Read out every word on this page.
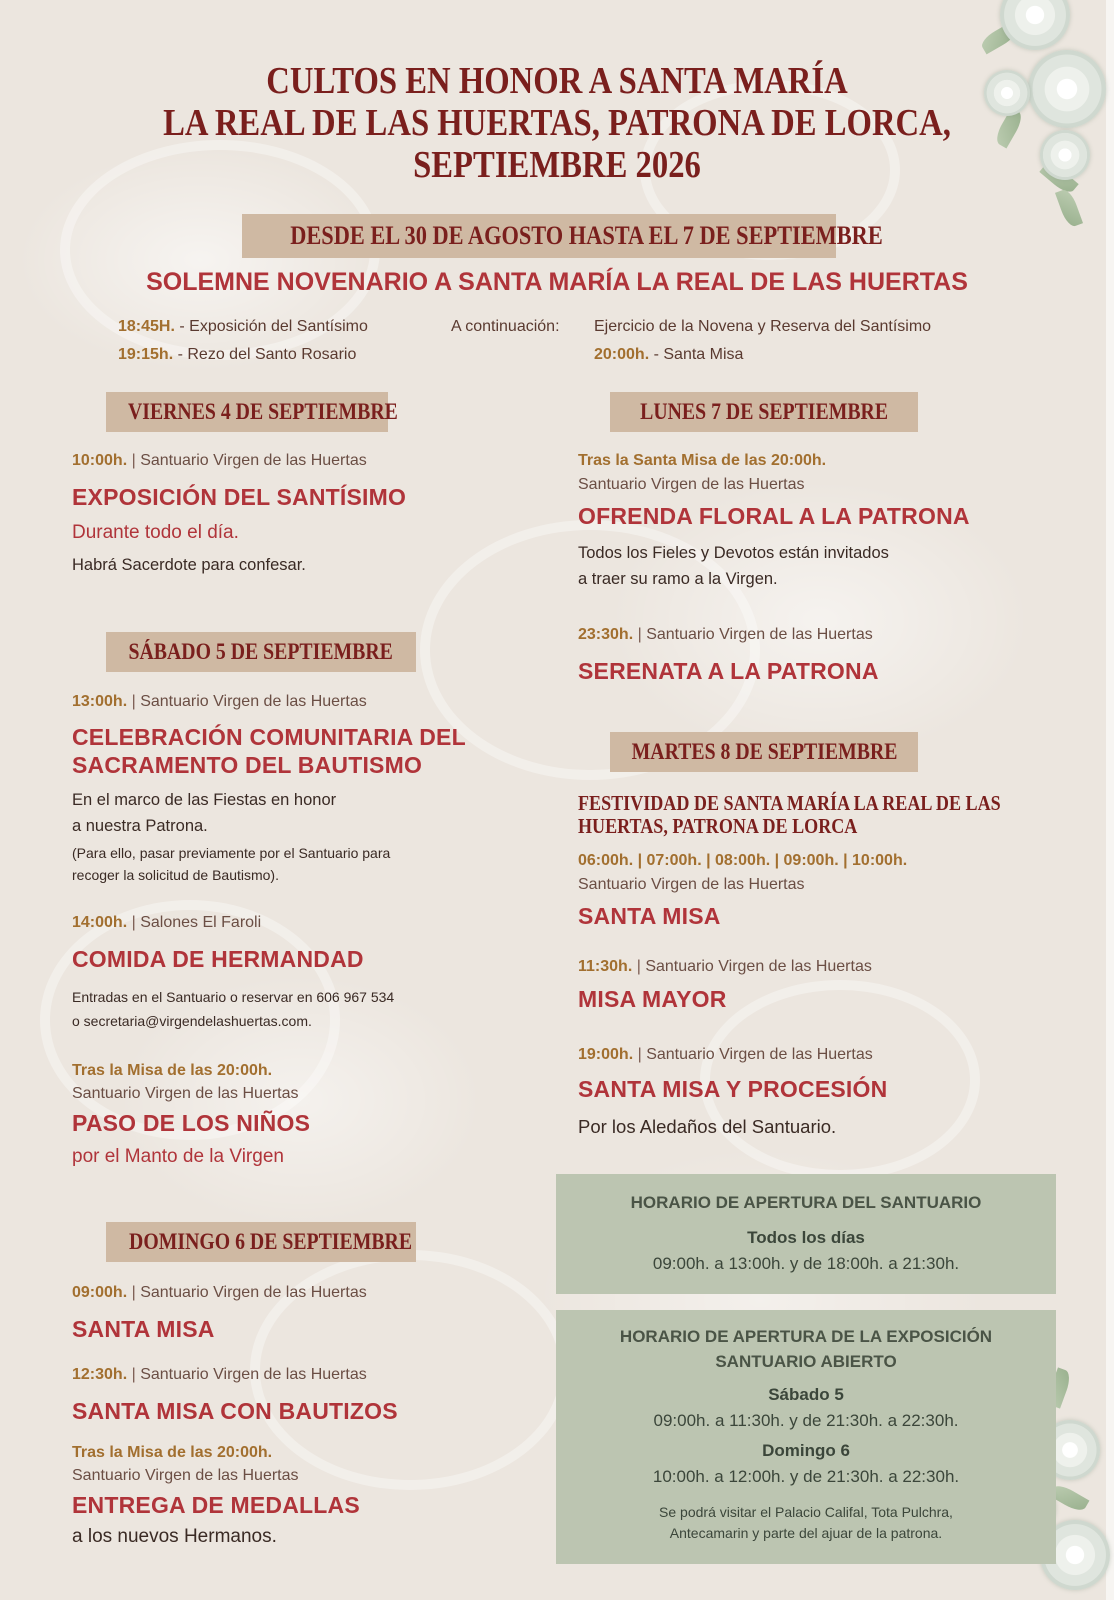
CULTOS EN HONOR A SANTA MARÍA
LA REAL DE LAS HUERTAS, PATRONA DE LORCA,
SEPTIEMBRE 2026
DESDE EL 30 DE AGOSTO HASTA EL 7 DE SEPTIEMBRE
SOLEMNE NOVENARIO A SANTA MARÍA LA REAL DE LAS HUERTAS
18:45H. - Exposición del Santísimo
19:15h. - Rezo del Santo Rosario
A continuación: Ejercicio de la Novena y Reserva del Santísimo
20:00h. - Santa Misa
VIERNES 4 DE SEPTIEMBRE
10:00h. | Santuario Virgen de las Huertas
EXPOSICIÓN DEL SANTÍSIMO
Durante todo el día.
Habrá Sacerdote para confesar.
SÁBADO 5 DE SEPTIEMBRE
13:00h. | Santuario Virgen de las Huertas
CELEBRACIÓN COMUNITARIA DEL
SACRAMENTO DEL BAUTISMO
En el marco de las Fiestas en honor
a nuestra Patrona.
(Para ello, pasar previamente por el Santuario para
recoger la solicitud de Bautismo).
14:00h. | Salones El Faroli
COMIDA DE HERMANDAD
Entradas en el Santuario o reservar en 606 967 534
o secretaria@virgendelashuertas.com.
Tras la Misa de las 20:00h.
Santuario Virgen de las Huertas
PASO DE LOS NIÑOS
por el Manto de la Virgen
DOMINGO 6 DE SEPTIEMBRE
09:00h. | Santuario Virgen de las Huertas
SANTA MISA
12:30h. | Santuario Virgen de las Huertas
SANTA MISA CON BAUTIZOS
Tras la Misa de las 20:00h.
Santuario Virgen de las Huertas
ENTREGA DE MEDALLAS
a los nuevos Hermanos.
LUNES 7 DE SEPTIEMBRE
Tras la Santa Misa de las 20:00h.
Santuario Virgen de las Huertas
OFRENDA FLORAL A LA PATRONA
Todos los Fieles y Devotos están invitados
a traer su ramo a la Virgen.
23:30h. | Santuario Virgen de las Huertas
SERENATA A LA PATRONA
MARTES 8 DE SEPTIEMBRE
FESTIVIDAD DE SANTA MARÍA LA REAL DE LAS
HUERTAS, PATRONA DE LORCA
06:00h. | 07:00h. | 08:00h. | 09:00h. | 10:00h.
Santuario Virgen de las Huertas
SANTA MISA
11:30h. | Santuario Virgen de las Huertas
MISA MAYOR
19:00h. | Santuario Virgen de las Huertas
SANTA MISA Y PROCESIÓN
Por los Aledaños del Santuario.
HORARIO DE APERTURA DEL SANTUARIO
Todos los días
09:00h. a 13:00h. y de 18:00h. a 21:30h.
HORARIO DE APERTURA DE LA EXPOSICIÓN
SANTUARIO ABIERTO
Sábado 5
09:00h. a 11:30h. y de 21:30h. a 22:30h.
Domingo 6
10:00h. a 12:00h. y de 21:30h. a 22:30h.
Se podrá visitar el Palacio Califal, Tota Pulchra,
Antecamarin y parte del ajuar de la patrona.
